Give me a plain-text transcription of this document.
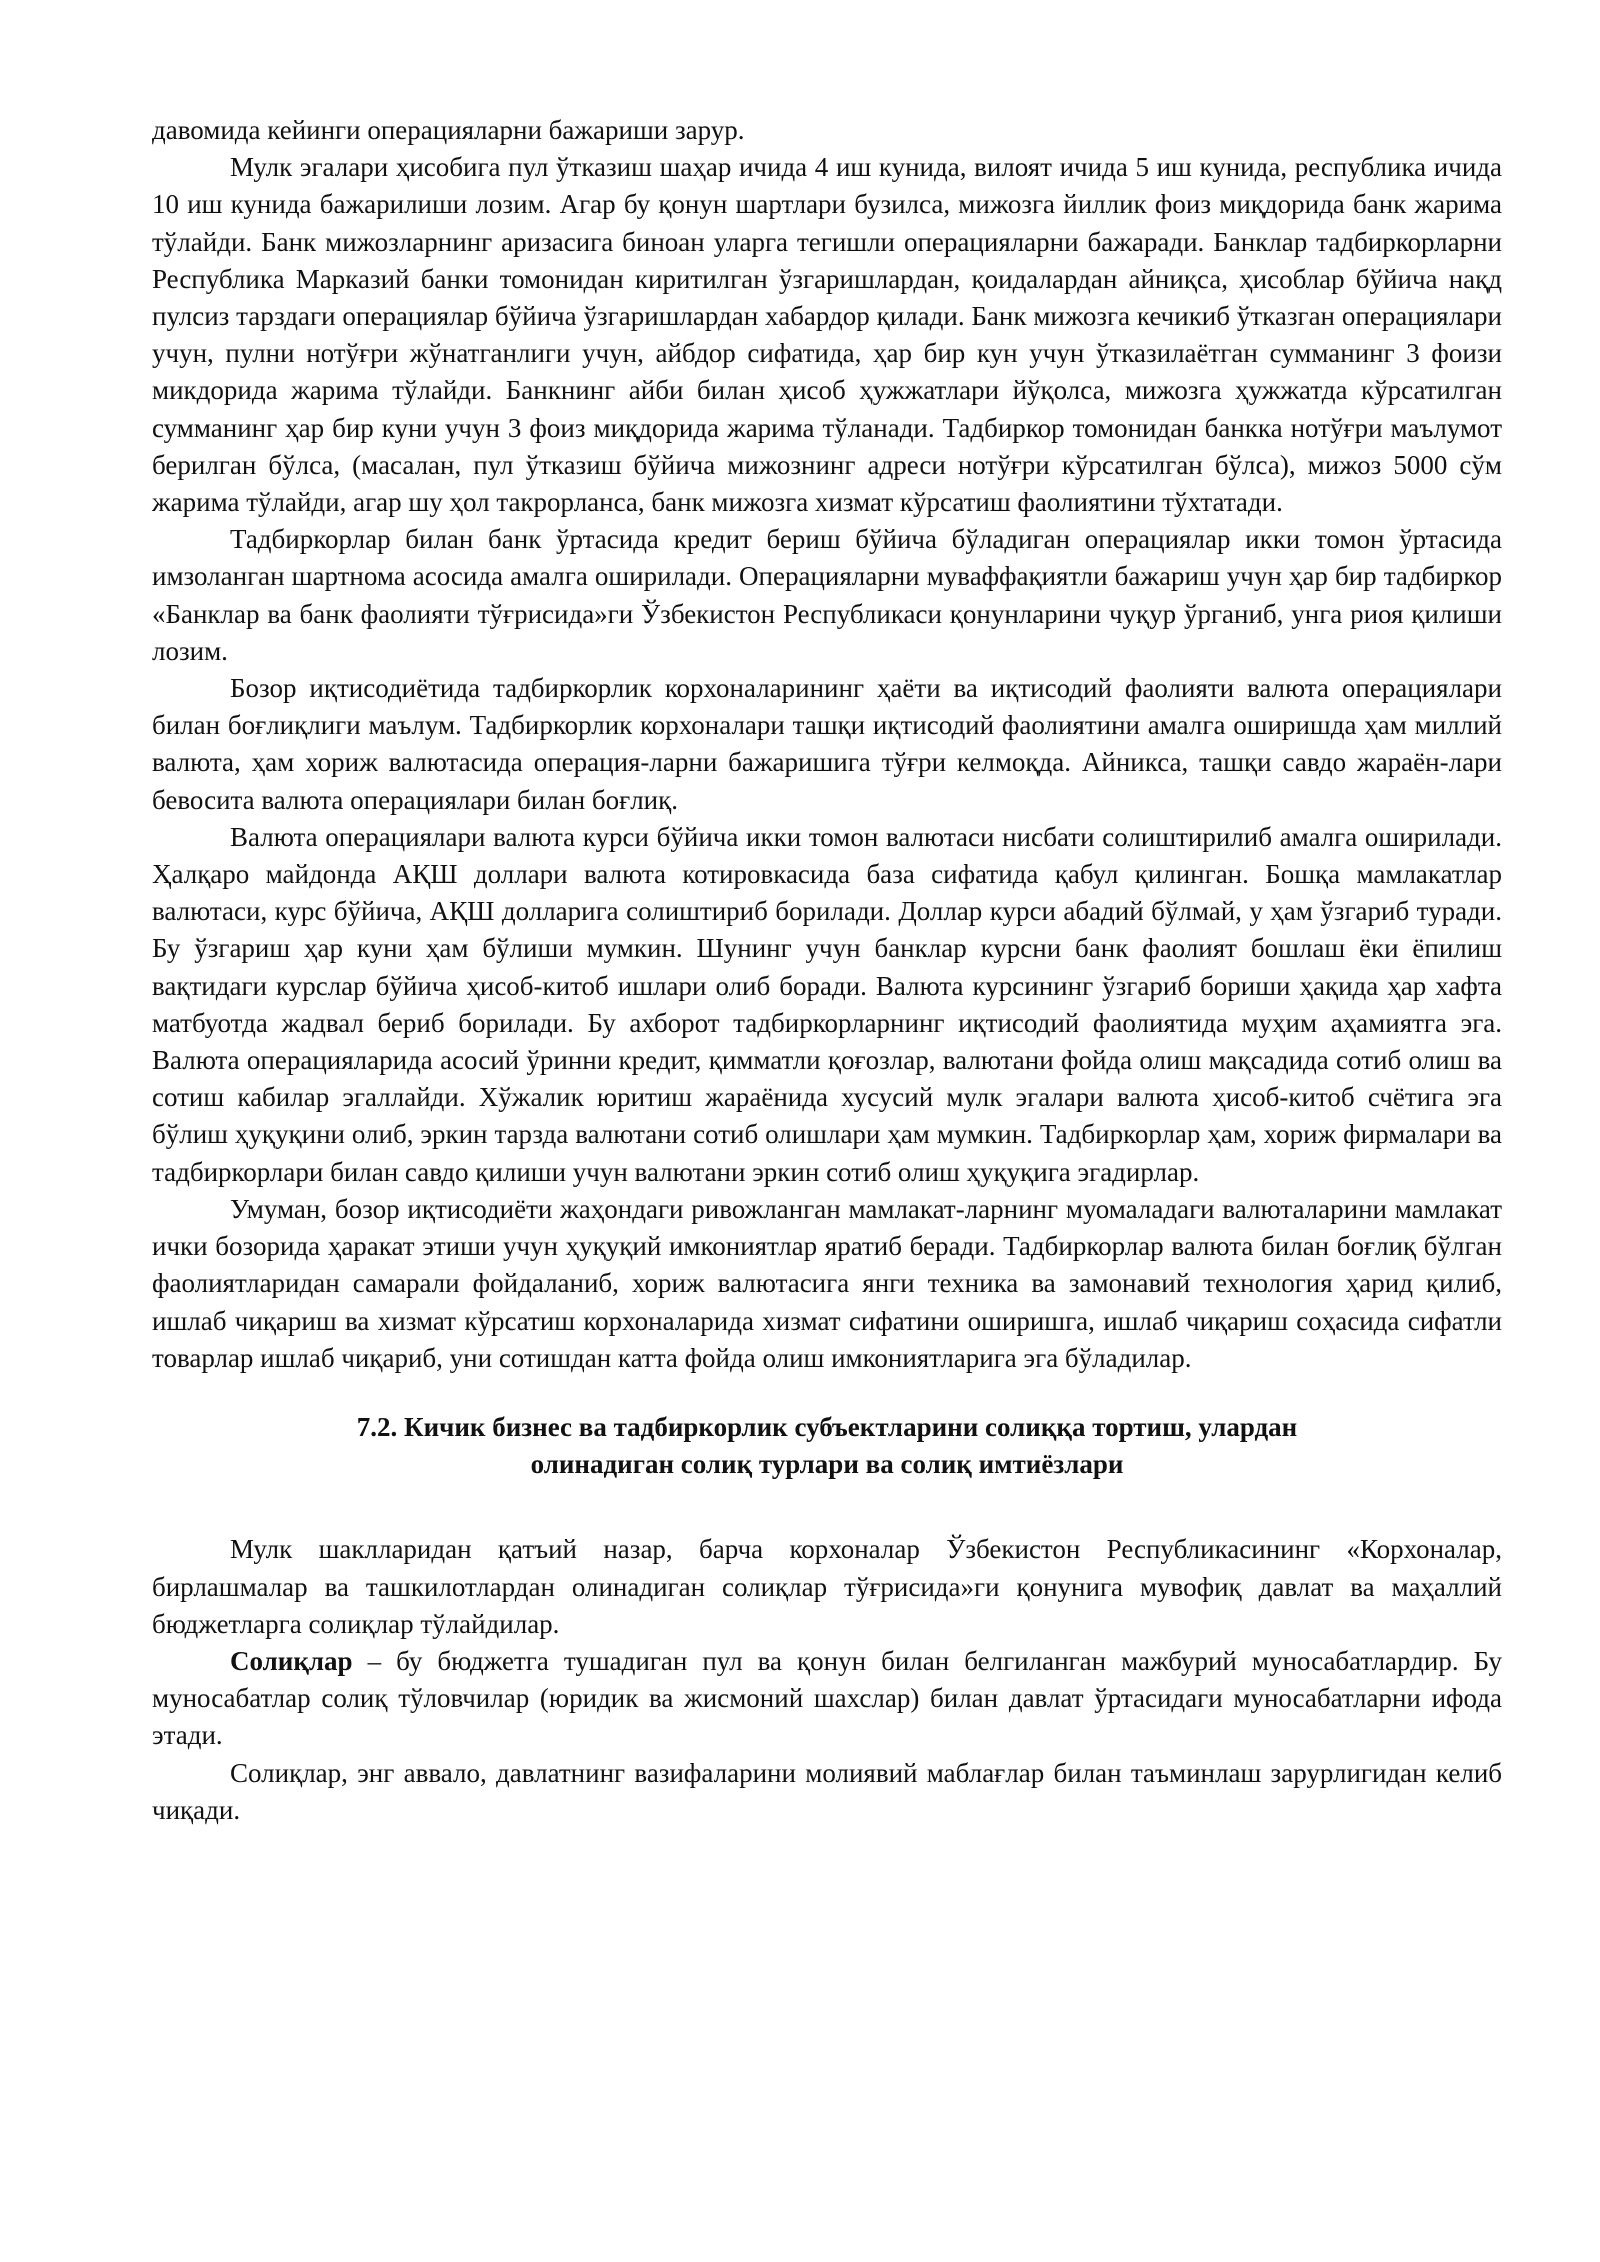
давомида кейинги операцияларни бажариши зарур.

Мулк эгалари ҳисобига пул ўтказиш шаҳар ичида 4 иш кунида, вилоят ичида 5 иш кунида, республика ичида 10 иш кунида бажарилиши лозим. Агар бу қонун шартлари бузилса, мижозга йиллик фоиз миқдорида банк жарима тўлайди. Банк мижозларнинг аризасига биноан уларга тегишли операцияларни бажаради. Банклар тадбиркорларни Республика Марказий банки томонидан киритилган ўзгаришлардан, қоидалардан айниқса, ҳисоблар бўйича нақд пулсиз тарздаги операциялар бўйича ўзгаришлардан хабардор қилади. Банк мижозга кечикиб ўтказган операциялари учун, пулни нотўғри жўнатганлиги учун, айбдор сифатида, ҳар бир кун учун ўтказилаётган сумманинг 3 фоизи микдорида жарима тўлайди. Банкнинг айби билан ҳисоб ҳужжатлари йўқолса, мижозга ҳужжатда кўрсатилган сумманинг ҳар бир куни учун 3 фоиз миқдорида жарима тўланади. Тадбиркор томонидан банкка нотўғри маълумот берилган бўлса, (масалан, пул ўтказиш бўйича мижознинг адреси нотўғри кўрсатилган бўлса), мижоз 5000 сўм жарима тўлайди, агар шу ҳол такрорланса, банк мижозга хизмат кўрсатиш фаолиятини тўхтатади.

Тадбиркорлар билан банк ўртасида кредит бериш бўйича бўладиган операциялар икки томон ўртасида имзоланган шартнома асосида амалга оширилади. Операцияларни муваффақиятли бажариш учун ҳар бир тадбиркор «Банклар ва банк фаолияти тўғрисида»ги Ўзбекистон Республикаси қонунларини чуқур ўрганиб, унга риоя қилиши лозим.

Бозор иқтисодиётида тадбиркорлик корхоналарининг ҳаёти ва иқтисодий фаолияти валюта операциялари билан боғлиқлиги маълум. Тадбиркорлик корхоналари ташқи иқтисодий фаолиятини амалга оширишда ҳам миллий валюта, ҳам хориж валютасида операция-ларни бажаришига тўғри келмоқда. Айникса, ташқи савдо жараён-лари бевосита валюта операциялари билан боғлиқ.

Валюта операциялари валюта курси бўйича икки томон валютаси нисбати солиштирилиб амалга оширилади. Ҳалқаро майдонда АҚШ доллари валюта котировкасида база сифатида қабул қилинган. Бошқа мамлакатлар валютаси, курс бўйича, АҚШ долларига солиштириб борилади. Доллар курси абадий бўлмай, у ҳам ўзгариб туради. Бу ўзгариш ҳар куни ҳам бўлиши мумкин. Шунинг учун банклар курсни банк фаолият бошлаш ёки ёпилиш вақтидаги курслар бўйича ҳисоб-китоб ишлари олиб боради. Валюта курсининг ўзгариб бориши ҳақида ҳар хафта матбуотда жадвал бериб борилади. Бу ахборот тадбиркорларнинг иқтисодий фаолиятида муҳим аҳамиятга эга. Валюта операцияларида асосий ўринни кредит, қимматли қоғозлар, валютани фойда олиш мақсадида сотиб олиш ва сотиш кабилар эгаллайди. Хўжалик юритиш жараёнида хусусий мулк эгалари валюта ҳисоб-китоб счётига эга бўлиш ҳуқуқини олиб, эркин тарзда валютани сотиб олишлари ҳам мумкин. Тадбиркорлар ҳам, хориж фирмалари ва тадбиркорлари билан савдо қилиши учун валютани эркин сотиб олиш ҳуқуқига эгадирлар.

Умуман, бозор иқтисодиёти жаҳондаги ривожланган мамлакат-ларнинг муомаладаги валюталарини мамлакат ички бозорида ҳаракат этиши учун ҳуқуқий имкониятлар яратиб беради. Тадбиркорлар валюта билан боғлиқ бўлган фаолиятларидан самарали фойдаланиб, хориж валютасига янги техника ва замонавий технология ҳарид қилиб, ишлаб чиқариш ва хизмат кўрсатиш корхоналарида хизмат сифатини оширишга, ишлаб чиқариш соҳасида сифатли товарлар ишлаб чиқариб, уни сотишдан катта фойда олиш имкониятларига эга бўладилар.

7.2. Кичик бизнес ва тадбиркорлик субъектларини солиққа тортиш, улардан олинадиган солиқ турлари ва солиқ имтиёзлари

Мулк шаклларидан қатъий назар, барча корхоналар Ўзбекистон Республикасининг «Корхоналар, бирлашмалар ва ташкилотлардан олинадиган солиқлар тўғрисида»ги қонунига мувофиқ давлат ва маҳаллий бюджетларга солиқлар тўлайдилар.

Солиқлар – бу бюджетга тушадиган пул ва қонун билан белгиланган мажбурий муносабатлардир. Бу муносабатлар солиқ тўловчилар (юридик ва жисмоний шахслар) билан давлат ўртасидаги муносабатларни ифода этади.

Солиқлар, энг аввало, давлатнинг вазифаларини молиявий маблағлар билан таъминлаш зарурлигидан келиб чиқади.
